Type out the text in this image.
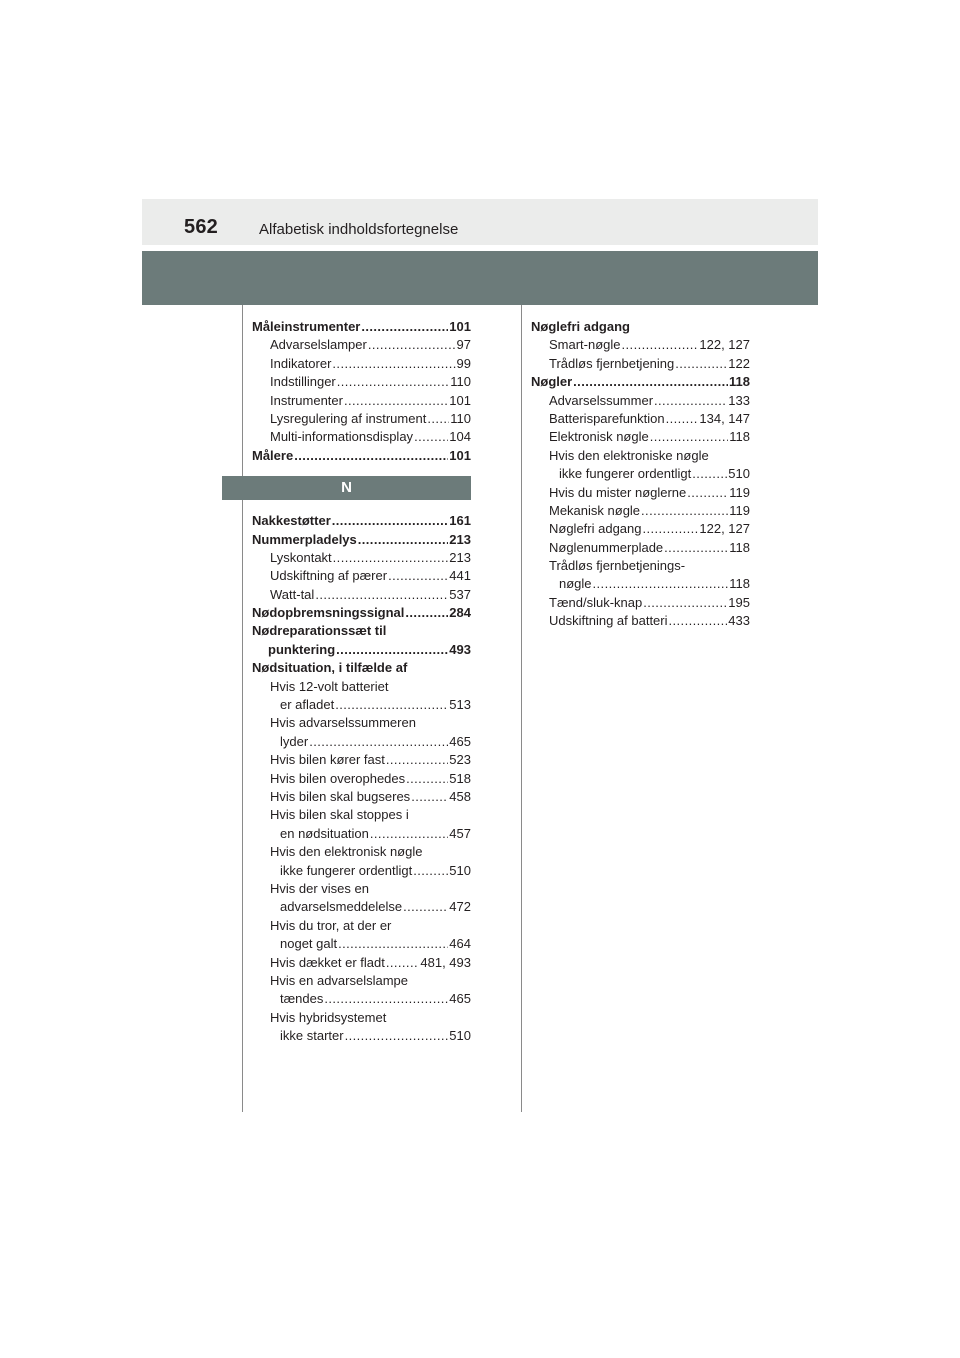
562	Alfabetisk indholdsfortegnelse
Måleinstrumenter .....	101
Advarselslamper .....	97
Indikatorer .....	99
Indstillinger .....	110
Instrumenter .....	101
Lysregulering af instrument ..... 110
Multi-informationsdisplay .....	104
Målere .....	101
N
Nakkestøtter .....	161
Nummerpladelys .....	213
Lyskontakt .....	213
Udskiftning af pærer .....	441
Watt-tal .....	537
Nødopbremsningssignal .....	284
Nødreparationssæt til
punktering .....	493
Nødsituation, i tilfælde af
Hvis 12-volt batteriet
er afladet .....	513
Hvis advarselssummeren
lyder .....	465
Hvis bilen kører fast .....	523
Hvis bilen overophedes .....	518
Hvis bilen skal bugseres .....	458
Hvis bilen skal stoppes i
en nødsituation .....	457
Hvis den elektronisk nøgle
ikke fungerer ordentligt .....	510
Hvis der vises en
advarselsmeddelelse .....	472
Hvis du tror, at der er
noget galt .....	464
Hvis dækket er fladt .....	481, 493
Hvis en advarselslampe
tændes .....	465
Hvis hybridsystemet
ikke starter .....	510
Nøglefri adgang
Smart-nøgle .....	122, 127
Trådløs fjernbetjening .....	122
Nøgler .....	118
Advarselssummer .....	133
Batterisparefunktion .....	134, 147
Elektronisk nøgle .....	118
Hvis den elektroniske nøgle
ikke fungerer ordentligt .....	510
Hvis du mister nøglerne .....	119
Mekanisk nøgle .....	119
Nøglefri adgang .....	122, 127
Nøglenummerplade .....	118
Trådløs fjernbetjenings-
nøgle .....	118
Tænd/sluk-knap .....	195
Udskiftning af batteri .....	433
